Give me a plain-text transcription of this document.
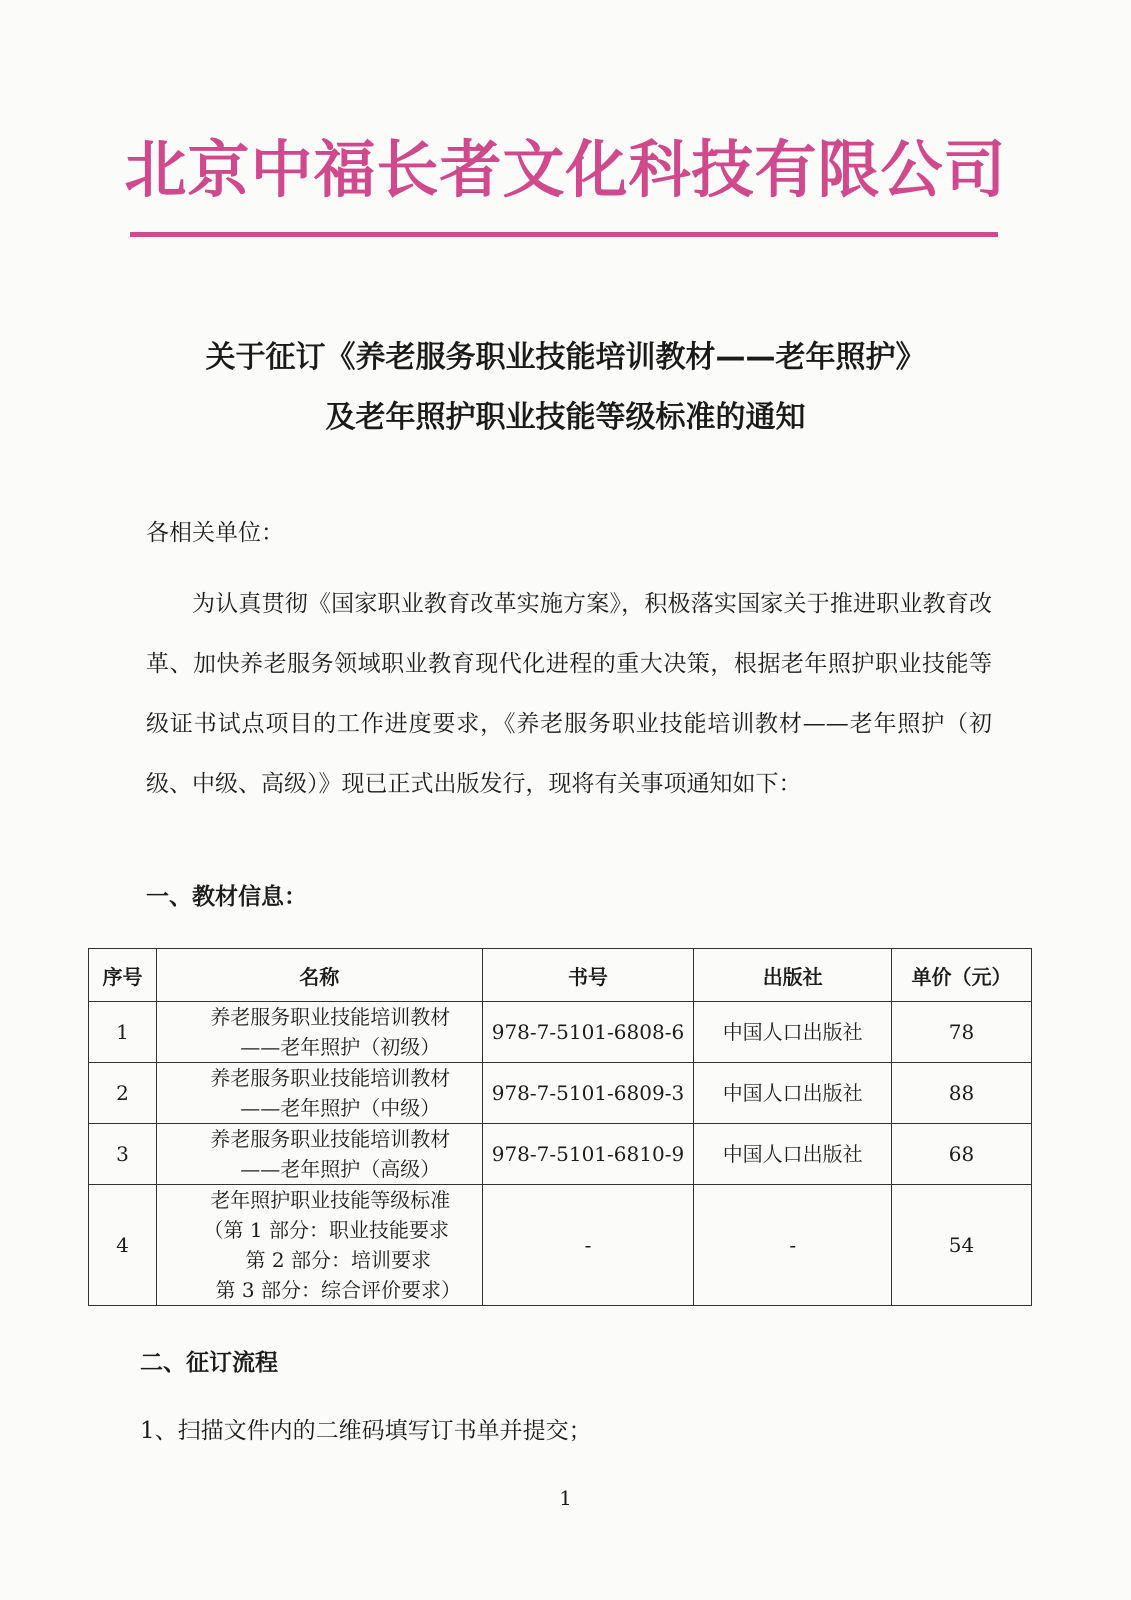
北京中福长者文化科技有限公司
关于征订《养老服务职业技能培训教材——老年照护》
及老年照护职业技能等级标准的通知
各相关单位：
为认真贯彻《国家职业教育改革实施方案》，积极落实国家关于推进职业教育改革、加快养老服务领域职业教育现代化进程的重大决策，根据老年照护职业技能等级证书试点项目的工作进度要求，《养老服务职业技能培训教材——老年照护（初级、中级、高级）》现已正式出版发行，现将有关事项通知如下：
一、教材信息：
序号	名称	书号	出版社	单价（元）
1	养老服务职业技能培训教材
——老年照护（初级）	978-7-5101-6808-6	中国人口出版社	78
2	养老服务职业技能培训教材
——老年照护（中级）	978-7-5101-6809-3	中国人口出版社	88
3	养老服务职业技能培训教材
——老年照护（高级）	978-7-5101-6810-9	中国人口出版社	68
4	老年照护职业技能等级标准
（第 1 部分：职业技能要求
第 2 部分：培训要求
第 3 部分：综合评价要求）	-	-	54
二、征订流程
1、扫描文件内的二维码填写订书单并提交；
1
